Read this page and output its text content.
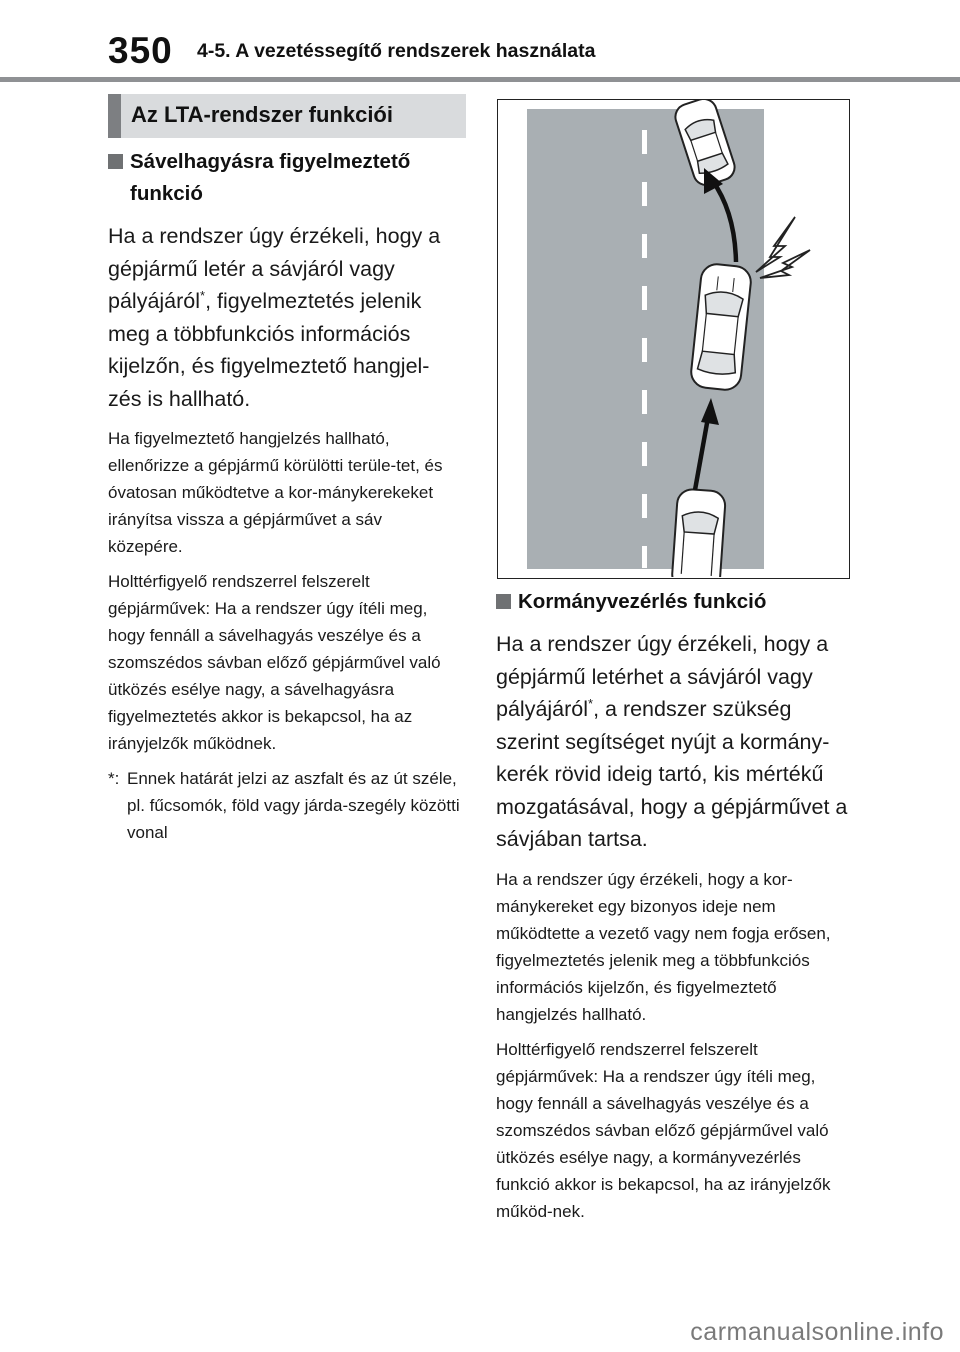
350 4-5. A vezetéssegítő rendszerek használata
Az LTA-rendszer funkciói
Sávelhagyásra figyelmeztető
funkció

Ha a rendszer úgy érzékeli, hogy a gépjármű letér a sávjáról vagy pályájáról*, figyelmeztetés jelenik meg a többfunkciós információs kijelzőn, és figyelmeztető hangjel-zés is hallható.

Ha figyelmeztető hangjelzés hallható, ellenőrizze a gépjármű körülötti terüle-tet, és óvatosan működtetve a kor-mánykerekeket irányítsa vissza a gépjárművet a sáv közepére.

Holttérfigyelő rendszerrel felszerelt gépjárművek: Ha a rendszer úgy ítéli meg, hogy fennáll a sávelhagyás veszélye és a szomszédos sávban előző gépjárművel való ütközés esélye nagy, a sávelhagyásra figyelmeztetés akkor is bekapcsol, ha az irányjelzők működnek.

*: Ennek határát jelzi az aszfalt és az út széle, pl. fűcsomók, föld vagy járda-szegély közötti vonal
Kormányvezérlés funkció

Ha a rendszer úgy érzékeli, hogy a gépjármű letérhet a sávjáról vagy pályájáról*, a rendszer szükség szerint segítséget nyújt a kormány-kerék rövid ideig tartó, kis mértékű mozgatásával, hogy a gépjárművet a sávjában tartsa.

Ha a rendszer úgy érzékeli, hogy a kor-mánykereket egy bizonyos ideje nem működtette a vezető vagy nem fogja erősen, figyelmeztetés jelenik meg a többfunkciós információs kijelzőn, és figyelmeztető hangjelzés hallható.

Holttérfigyelő rendszerrel felszerelt gépjárművek: Ha a rendszer úgy ítéli meg, hogy fennáll a sávelhagyás veszélye és a szomszédos sávban előző gépjárművel való ütközés esélye nagy, a kormányvezérlés funkció akkor is bekapcsol, ha az irányjelzők működ-nek.

carmanualsonline.info
